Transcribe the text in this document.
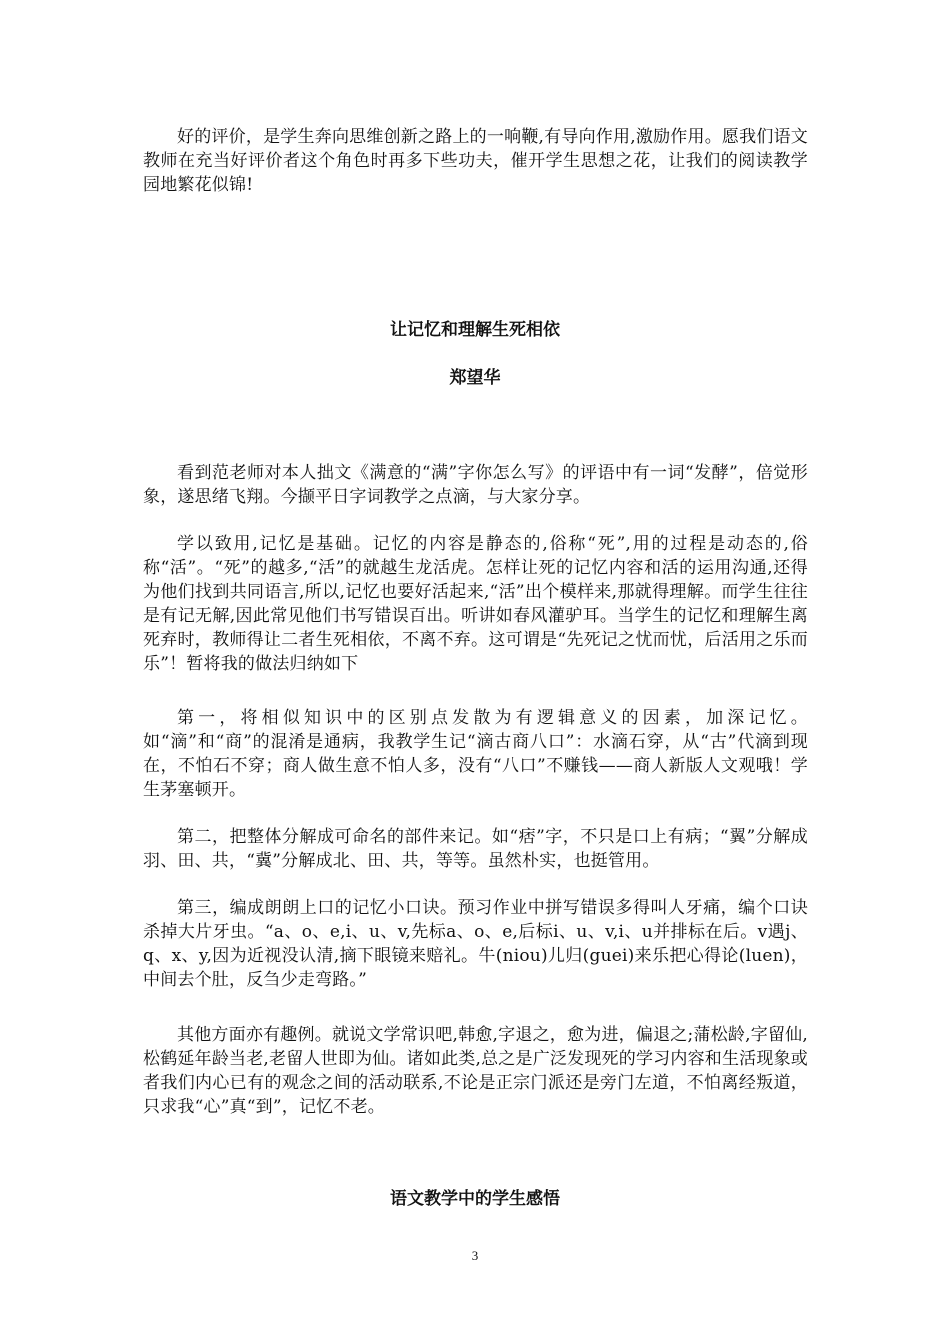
好的评价，是学生奔向思维创新之路上的一响鞭,有导向作用,激励作用。愿我们语文教师在充当好评价者这个角色时再多下些功夫，催开学生思想之花，让我们的阅读教学园地繁花似锦!

让记忆和理解生死相依
郑望华

看到范老师对本人拙文《满意的“满”字你怎么写》的评语中有一词“发酵”，倍觉形象，遂思绪飞翔。今撷平日字词教学之点滴，与大家分享。

学以致用,记忆是基础。记忆的内容是静态的,俗称“死”,用的过程是动态的,俗称“活”。“死”的越多,“活”的就越生龙活虎。怎样让死的记忆内容和活的运用沟通,还得为他们找到共同语言,所以,记忆也要好活起来,“活”出个模样来,那就得理解。而学生往往是有记无解,因此常见他们书写错误百出。听讲如春风灌驴耳。当学生的记忆和理解生离死弃时，教师得让二者生死相依，不离不弃。这可谓是“先死记之忧而忧，后活用之乐而乐”！暂将我的做法归纳如下

第一，将相似知识中的区别点发散为有逻辑意义的因素，加深记忆。如“滴”和“商”的混淆是通病，我教学生记“滴古商八口”：水滴石穿，从“古”代滴到现在，不怕石不穿；商人做生意不怕人多，没有“八口”不赚钱——商人新版人文观哦！学生茅塞顿开。

第二，把整体分解成可命名的部件来记。如“痞”字，不只是口上有病；“翼”分解成羽、田、共，“冀”分解成北、田、共，等等。虽然朴实，也挺管用。

第三，编成朗朗上口的记忆小口诀。预习作业中拼写错误多得叫人牙痛，编个口诀杀掉大片牙虫。“a、o、e,i、u、v,先标a、o、e,后标i、u、v,i、u并排标在后。v遇j、q、x、y,因为近视没认清,摘下眼镜来赔礼。牛(niou)儿归(guei)来乐把心得论(luen)，中间去个肚，反刍少走弯路。”

其他方面亦有趣例。就说文学常识吧,韩愈,字退之，愈为进，偏退之;蒲松龄,字留仙,松鹤延年龄当老,老留人世即为仙。诸如此类,总之是广泛发现死的学习内容和生活现象或者我们内心已有的观念之间的活动联系,不论是正宗门派还是旁门左道，不怕离经叛道，只求我“心”真“到”，记忆不老。

语文教学中的学生感悟
3
